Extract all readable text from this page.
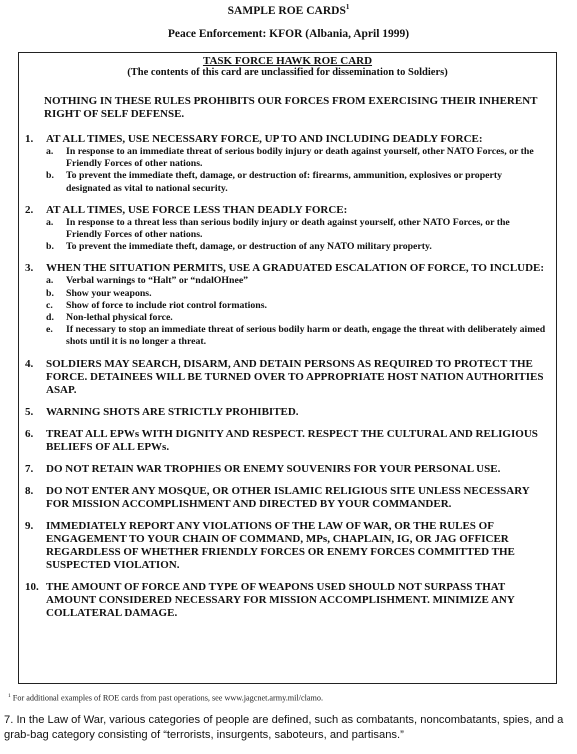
SAMPLE ROE CARDS$^1$
Peace Enforcement: KFOR (Albania, April 1999)
TASK FORCE HAWK ROE CARD
(The contents of this card are unclassified for dissemination to Soldiers)
NOTHING IN THESE RULES PROHIBITS OUR FORCES FROM EXERCISING THEIR INHERENT RIGHT OF SELF DEFENSE.
1.	AT ALL TIMES, USE NECESSARY FORCE, UP TO AND INCLUDING DEADLY FORCE:
a.	In response to an immediate threat of serious bodily injury or death against yourself, other NATO Forces, or the Friendly Forces of other nations.
b.	To prevent the immediate theft, damage, or destruction of: firearms, ammunition, explosives or property designated as vital to national security.
2.	AT ALL TIMES, USE FORCE LESS THAN DEADLY FORCE:
a.	In response to a threat less than serious bodily injury or death against yourself, other NATO Forces, or the Friendly Forces of other nations.
b.	To prevent the immediate theft, damage, or destruction of any NATO military property.
3.	WHEN THE SITUATION PERMITS, USE A GRADUATED ESCALATION OF FORCE, TO INCLUDE:
a.	Verbal warnings to “Halt” or “ndalOHnee”
b.	Show your weapons.
c.	Show of force to include riot control formations.
d.	Non-lethal physical force.
e.	If necessary to stop an immediate threat of serious bodily harm or death, engage the threat with deliberately aimed shots until it is no longer a threat.
4.	SOLDIERS MAY SEARCH, DISARM, AND DETAIN PERSONS AS REQUIRED TO PROTECT THE FORCE. DETAINEES WILL BE TURNED OVER TO APPROPRIATE HOST NATION AUTHORITIES ASAP.
5.	WARNING SHOTS ARE STRICTLY PROHIBITED.
6.	TREAT ALL EPWs WITH DIGNITY AND RESPECT. RESPECT THE CULTURAL AND RELIGIOUS BELIEFS OF ALL EPWs.
7.	DO NOT RETAIN WAR TROPHIES OR ENEMY SOUVENIRS FOR YOUR PERSONAL USE.
8.	DO NOT ENTER ANY MOSQUE, OR OTHER ISLAMIC RELIGIOUS SITE UNLESS NECESSARY FOR MISSION ACCOMPLISHMENT AND DIRECTED BY YOUR COMMANDER.
9.	IMMEDIATELY REPORT ANY VIOLATIONS OF THE LAW OF WAR, OR THE RULES OF ENGAGEMENT TO YOUR CHAIN OF COMMAND, MPs, CHAPLAIN, IG, OR JAG OFFICER REGARDLESS OF WHETHER FRIENDLY FORCES OR ENEMY FORCES COMMITTED THE SUSPECTED VIOLATION.
10. THE AMOUNT OF FORCE AND TYPE OF WEAPONS USED SHOULD NOT SURPASS THAT AMOUNT CONSIDERED NECESSARY FOR MISSION ACCOMPLISHMENT. MINIMIZE ANY COLLATERAL DAMAGE.
$^1$ For additional examples of ROE cards from past operations, see www.jagcnet.army.mil/clamo.
7. In the Law of War, various categories of people are defined, such as combatants, noncombatants, spies, and a grab-bag category consisting of “terrorists, insurgents, saboteurs, and partisans.”
